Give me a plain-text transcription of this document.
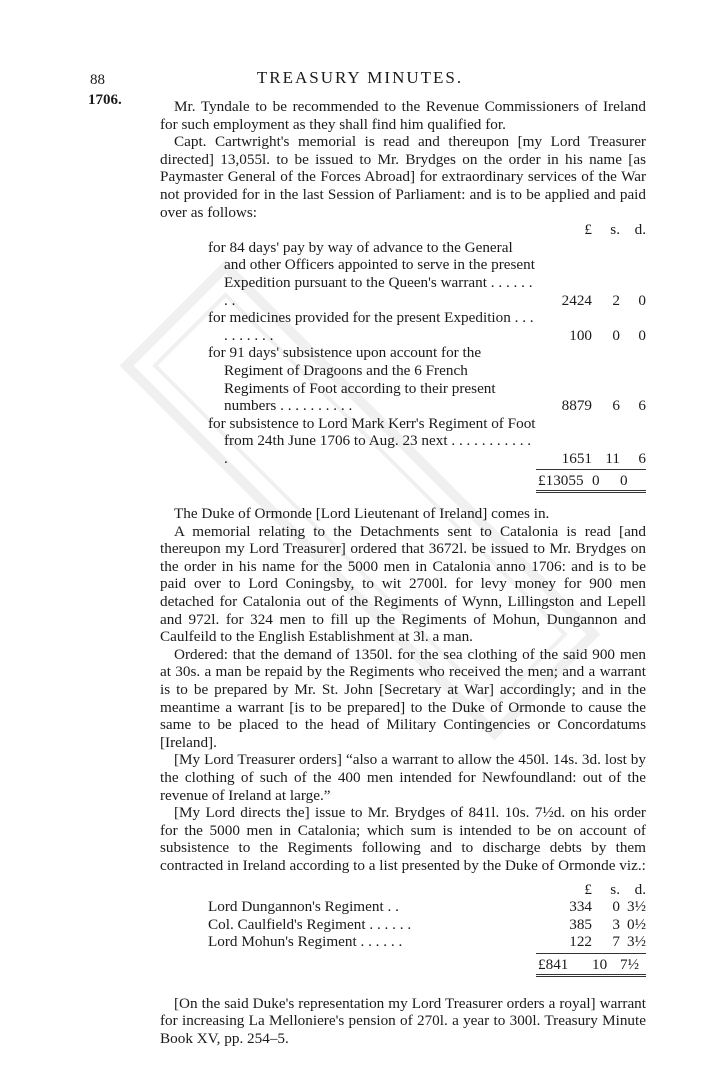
88	TREASURY MINUTES.
1706.	Mr. Tyndale to be recommended to the Revenue Commissioners of Ireland for such employment as they shall find him qualified for.

Capt. Cartwright's memorial is read and thereupon [my Lord Treasurer directed] 13,055l. to be issued to Mr. Brydges on the order in his name [as Paymaster General of the Forces Abroad] for extraordinary services of the War not provided for in the last Session of Parliament: and is to be applied and paid over as follows:

£	s. d.
for 84 days' pay by way of advance to the General and other Officers appointed to serve in the present Expedition pursuant to the Queen's warrant . . . . . . . .	2424	2	0
for medicines provided for the present Expedition . . . . . . . . . .	100	0	0
for 91 days' subsistence upon account for the Regiment of Dragoons and the 6 French Regiments of Foot according to their present numbers . . . . . . . . . .	8879	6	6
for subsistence to Lord Mark Kerr's Regiment of Foot from 24th June 1706 to Aug. 23 next . . . . . . . . . . . .	1651 11	6
£13055 0	0

The Duke of Ormonde [Lord Lieutenant of Ireland] comes in.

A memorial relating to the Detachments sent to Catalonia is read [and thereupon my Lord Treasurer] ordered that 3672l. be issued to Mr. Brydges on the order in his name for the 5000 men in Catalonia anno 1706: and is to be paid over to Lord Coningsby, to wit 2700l. for levy money for 900 men detached for Catalonia out of the Regiments of Wynn, Lillingston and Lepell and 972l. for 324 men to fill up the Regiments of Mohun, Dungannon and Caulfeild to the English Establishment at 3l. a man.

Ordered: that the demand of 1350l. for the sea clothing of the said 900 men at 30s. a man be repaid by the Regiments who received the men; and a warrant is to be prepared by Mr. St. John [Secretary at War] accordingly; and in the meantime a warrant [is to be prepared] to the Duke of Ormonde to cause the same to be placed to the head of Military Contingencies or Concordatums [Ireland].

[My Lord Treasurer orders] “also a warrant to allow the 450l. 14s. 3d. lost by the clothing of such of the 400 men intended for Newfoundland: out of the revenue of Ireland at large.”

[My Lord directs the] issue to Mr. Brydges of 841l. 10s. 7½d. on his order for the 5000 men in Catalonia; which sum is intended to be on account of subsistence to the Regiments following and to discharge debts by them contracted in Ireland according to a list presented by the Duke of Ormonde viz.:

£	s. d.
Lord Dungannon's Regiment . .	334	0 3½
Col. Caulfield's Regiment . . . . . .	385	3 0½
Lord Mohun's Regiment . . . . . .	122	7 3½
£841	10 7½

[On the said Duke's representation my Lord Treasurer orders a royal] warrant for increasing La Melloniere's pension of 270l. a year to 300l. Treasury Minute Book XV, pp. 254–5.
